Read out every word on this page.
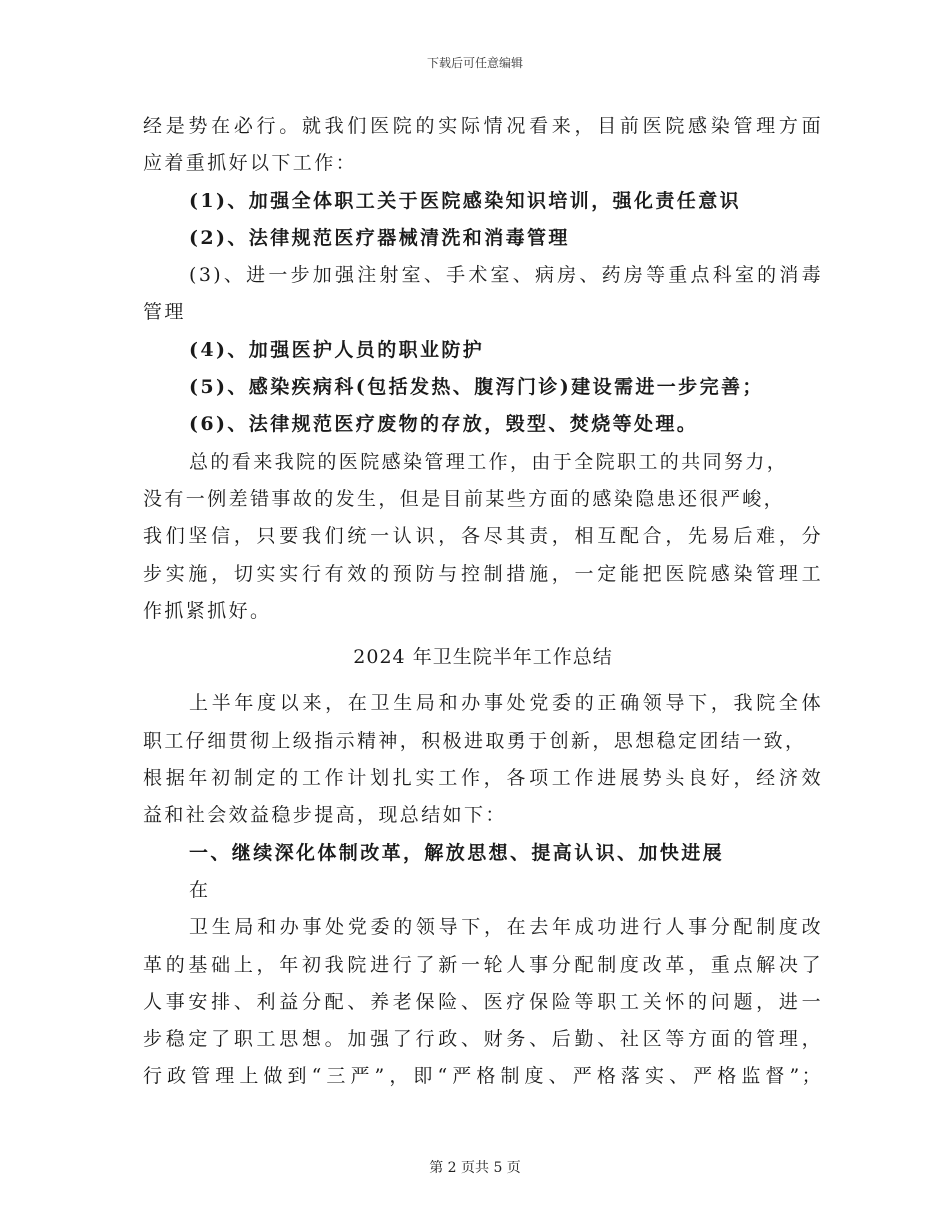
下载后可任意编辑
经是势在必行。就我们医院的实际情况看来，目前医院感染管理方面
应着重抓好以下工作：
(1)、加强全体职工关于医院感染知识培训，强化责任意识
(2)、法律规范医疗器械清洗和消毒管理
(3)、进一步加强注射室、手术室、病房、药房等重点科室的消毒
管理
(4)、加强医护人员的职业防护
(5)、感染疾病科(包括发热、腹泻门诊)建设需进一步完善；
(6)、法律规范医疗废物的存放，毁型、焚烧等处理。
总的看来我院的医院感染管理工作，由于全院职工的共同努力，
没有一例差错事故的发生，但是目前某些方面的感染隐患还很严峻，
我们坚信，只要我们统一认识，各尽其责，相互配合，先易后难，分
步实施，切实实行有效的预防与控制措施，一定能把医院感染管理工
作抓紧抓好。
2024 年卫生院半年工作总结
上半年度以来，在卫生局和办事处党委的正确领导下，我院全体
职工仔细贯彻上级指示精神，积极进取勇于创新，思想稳定团结一致，
根据年初制定的工作计划扎实工作，各项工作进展势头良好，经济效
益和社会效益稳步提高，现总结如下：
一、继续深化体制改革，解放思想、提高认识、加快进展
在
卫生局和办事处党委的领导下，在去年成功进行人事分配制度改
革的基础上，年初我院进行了新一轮人事分配制度改革，重点解决了
人事安排、利益分配、养老保险、医疗保险等职工关怀的问题，进一
步稳定了职工思想。加强了行政、财务、后勤、社区等方面的管理，
行政管理上做到“三严”，即“严格制度、严格落实、严格监督”；
第 2 页共 5 页
